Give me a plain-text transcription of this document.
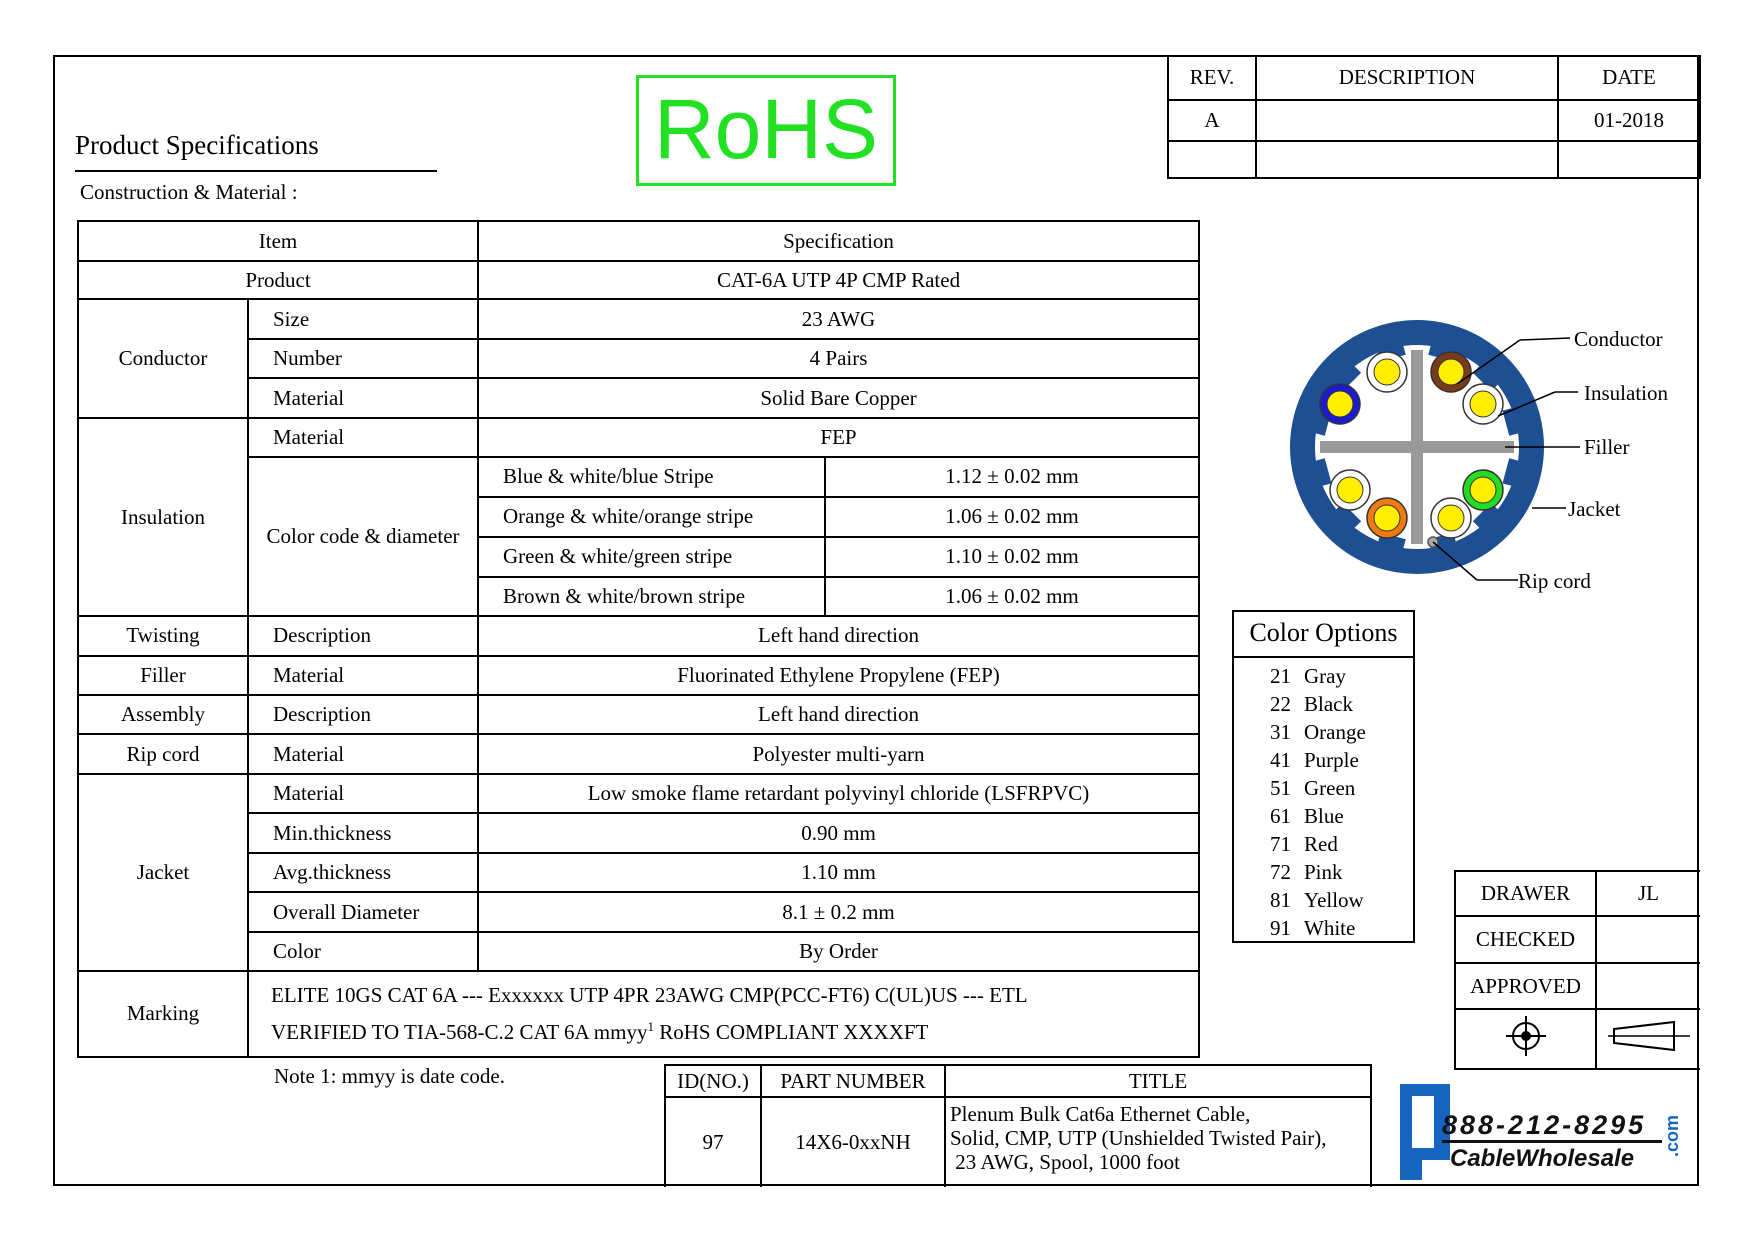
Product Specifications
Construction & Material :
RoHS
REV.	DESCRIPTION	DATE
A		01-2018

Item		Specification	
Product		CAT-6A UTP 4P CMP Rated	
Conductor	Size	23 AWG	
	Number	4 Pairs	
	Material	Solid Bare Copper	
Insulation	Material	FEP	
	Color code & diameter	Blue & white/blue Stripe	1.12 ± 0.02 mm
		Orange & white/orange stripe	1.06 ± 0.02 mm
		Green & white/green stripe	1.10 ± 0.02 mm
		Brown & white/brown stripe	1.06 ± 0.02 mm
Twisting	Description	Left hand direction	
Filler	Material	Fluorinated Ethylene Propylene (FEP)	
Assembly	Description	Left hand direction	
Rip cord	Material	Polyester multi-yarn	
Jacket	Material	Low smoke flame retardant polyvinyl chloride (LSFRPVC)	
	Min.thickness	0.90 mm	
	Avg.thickness	1.10 mm	
	Overall Diameter	8.1 ± 0.2 mm	
	Color	By Order	
Marking	ELITE 10GS CAT 6A --- Exxxxxx UTP 4PR 23AWG CMP(PCC-FT6) C(UL)US --- ETL
VERIFIED TO TIA-568-C.2 CAT 6A mmyy$^1$ RoHS COMPLIANT XXXXFT		
Note 1: mmyy is date code.
Conductor
Insulation
Filler
Jacket
Rip cord
Color Options
21 Gray
22 Black
31 Orange
41 Purple
51 Green
61 Blue
71 Red
72 Pink
81 Yellow
91 White
DRAWER	JL
CHECKED	
APPROVED	

ID(NO.)	PART NUMBER	TITLE
97	14X6-0xxNH	Plenum Bulk Cat6a Ethernet Cable,
Solid, CMP, UTP (Unshielded Twisted Pair),
23 AWG, Spool, 1000 foot
888-212-8295
CableWholesale
.com
